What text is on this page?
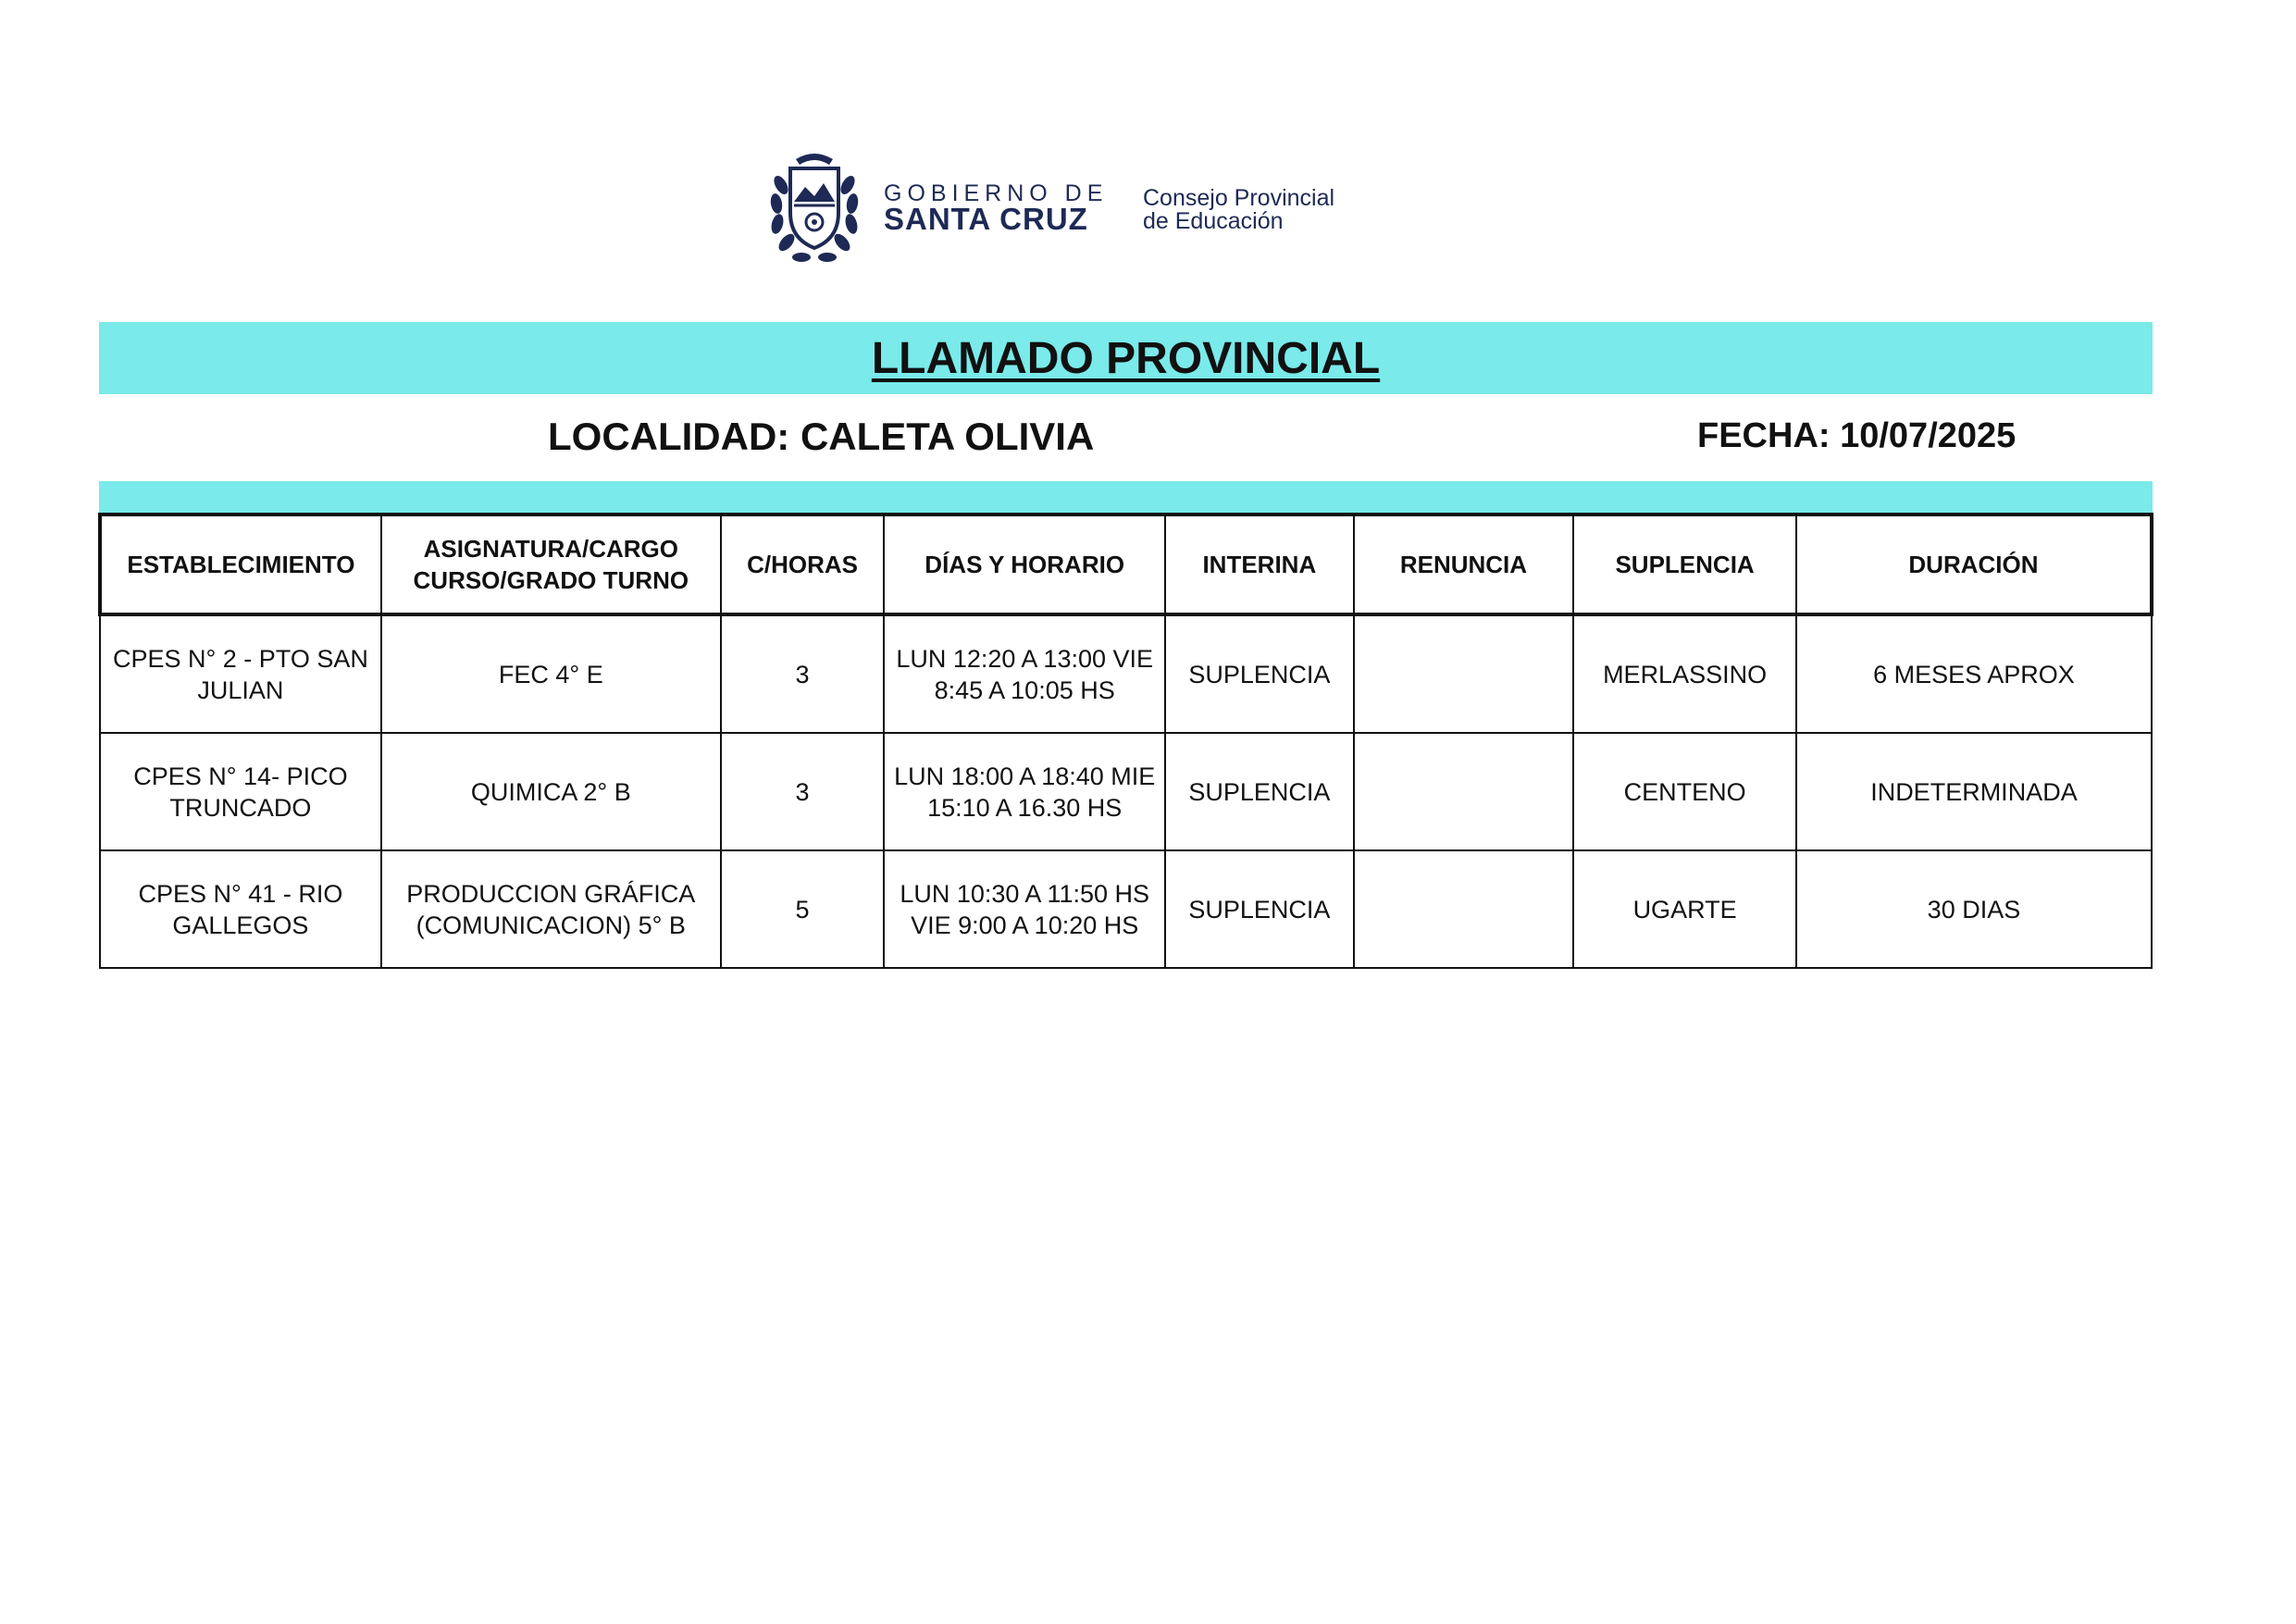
GOBIERNO DE
SANTA CRUZ
Consejo Provincial
de Educación
LLAMADO PROVINCIAL
LOCALIDAD: CALETA OLIVIA	FECHA: 10/07/2025
ESTABLECIMIENTO	ASIGNATURA/CARGO CURSO/GRADO TURNO	C/HORAS	DÍAS Y HORARIO	INTERINA	RENUNCIA	SUPLENCIA	DURACIÓN
CPES N° 2 - PTO SAN JULIAN	FEC 4° E	3	LUN 12:20 A 13:00 VIE 8:45 A 10:05 HS	SUPLENCIA		MERLASSINO	6 MESES APROX
CPES N° 14- PICO TRUNCADO	QUIMICA 2° B	3	LUN 18:00 A 18:40 MIE 15:10 A 16.30 HS	SUPLENCIA		CENTENO	INDETERMINADA
CPES N° 41 - RIO GALLEGOS	PRODUCCION GRÁFICA (COMUNICACION) 5° B	5	LUN 10:30 A 11:50 HS VIE 9:00 A 10:20 HS	SUPLENCIA		UGARTE	30 DIAS
